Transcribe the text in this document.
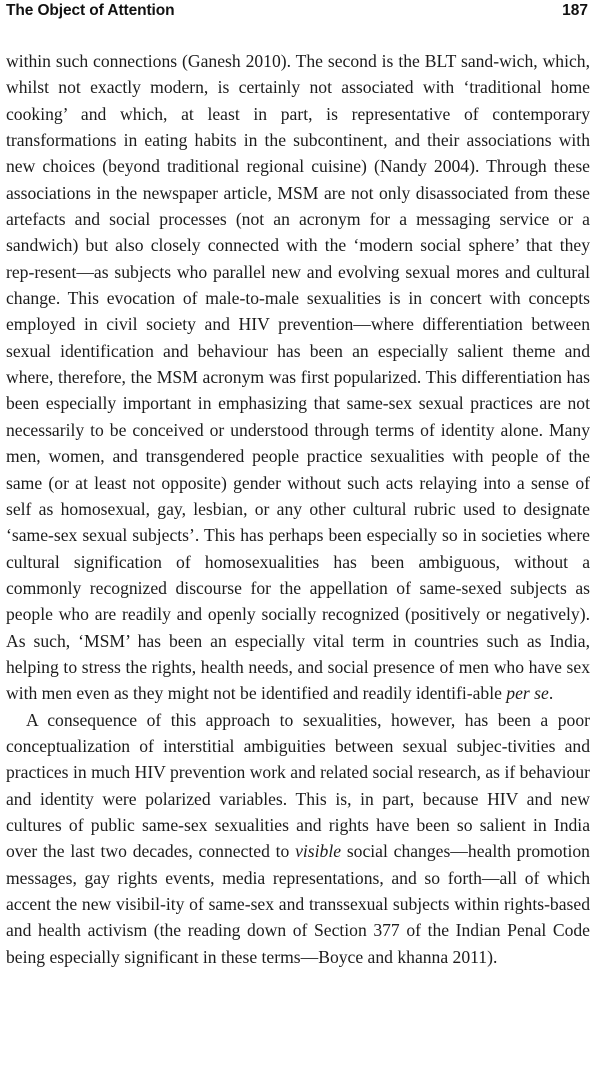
The Object of Attention	187

within such connections (Ganesh 2010). The second is the BLT sand-wich, which, whilst not exactly modern, is certainly not associated with ‘traditional home cooking’ and which, at least in part, is representative of contemporary transformations in eating habits in the subcontinent, and their associations with new choices (beyond traditional regional cuisine) (Nandy 2004). Through these associations in the newspaper article, MSM are not only disassociated from these artefacts and social processes (not an acronym for a messaging service or a sandwich) but also closely connected with the ‘modern social sphere’ that they rep-resent—as subjects who parallel new and evolving sexual mores and cultural change. This evocation of male-to-male sexualities is in concert with concepts employed in civil society and HIV prevention—where differentiation between sexual identification and behaviour has been an especially salient theme and where, therefore, the MSM acronym was first popularized. This differentiation has been especially important in emphasizing that same-sex sexual practices are not necessarily to be conceived or understood through terms of identity alone. Many men, women, and transgendered people practice sexualities with people of the same (or at least not opposite) gender without such acts relaying into a sense of self as homosexual, gay, lesbian, or any other cultural rubric used to designate ‘same-sex sexual subjects’. This has perhaps been especially so in societies where cultural signification of homosexualities has been ambiguous, without a commonly recognized discourse for the appellation of same-sexed subjects as people who are readily and openly socially recognized (positively or negatively). As such, ‘MSM’ has been an especially vital term in countries such as India, helping to stress the rights, health needs, and social presence of men who have sex with men even as they might not be identified and readily identifi-able per se.

A consequence of this approach to sexualities, however, has been a poor conceptualization of interstitial ambiguities between sexual subjec-tivities and practices in much HIV prevention work and related social research, as if behaviour and identity were polarized variables. This is, in part, because HIV and new cultures of public same-sex sexualities and rights have been so salient in India over the last two decades, connected to visible social changes—health promotion messages, gay rights events, media representations, and so forth—all of which accent the new visibil-ity of same-sex and transsexual subjects within rights-based and health activism (the reading down of Section 377 of the Indian Penal Code being especially significant in these terms—Boyce and khanna 2011).
